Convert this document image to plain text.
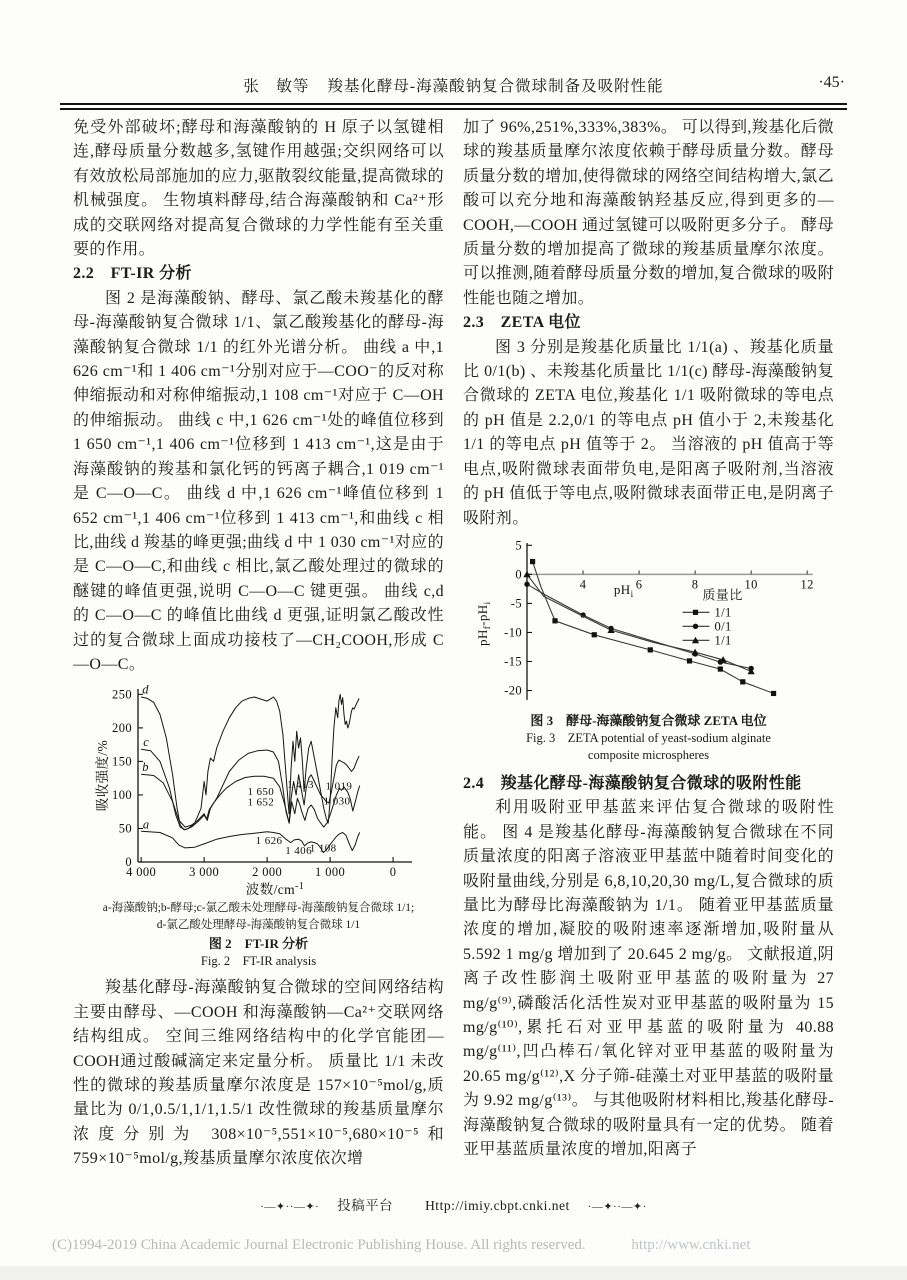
张　敏等 羧基化酵母-海藻酸钠复合微球制备及吸附性能	·45·

免受外部破坏;酵母和海藻酸钠的 H 原子以氢键相连,酵母质量分数越多,氢键作用越强;交织网络可以有效放松局部施加的应力,驱散裂纹能量,提高微球的机械强度。 生物填料酵母,结合海藻酸钠和 Ca²⁺形成的交联网络对提高复合微球的力学性能有至关重要的作用。

2.2　FT-IR 分析

图 2 是海藻酸钠、酵母、氯乙酸未羧基化的酵母-海藻酸钠复合微球 1/1、氯乙酸羧基化的酵母-海藻酸钠复合微球 1/1 的红外光谱分析。 曲线 a 中,1 626 cm⁻¹和 1 406 cm⁻¹分别对应于—COO⁻的反对称伸缩振动和对称伸缩振动,1 108 cm⁻¹对应于 C—OH 的伸缩振动。 曲线 c 中,1 626 cm⁻¹处的峰值位移到 1 650 cm⁻¹,1 406 cm⁻¹位移到 1 413 cm⁻¹,这是由于海藻酸钠的羧基和氯化钙的钙离子耦合,1 019 cm⁻¹是 C—O—C。 曲线 d 中,1 626 cm⁻¹峰值位移到 1 652 cm⁻¹,1 406 cm⁻¹位移到 1 413 cm⁻¹,和曲线 c 相比,曲线 d 羧基的峰更强;曲线 d 中 1 030 cm⁻¹对应的是 C—O—C,和曲线 c 相比,氯乙酸处理过的微球的醚键的峰值更强,说明 C—O—C 键更强。 曲线 c,d 的 C—O—C 的峰值比曲线 d 更强,证明氯乙酸改性过的复合微球上面成功接枝了—CH₂COOH,形成 C—O—C。

4 000	3 000	2 000	1 000	0
0
50
100
150
200
250
波数$/cm^{-1}$
吸收强度/%
a
b
c
d
1 650
1 652
1 413 1 019
1 030
1 626
1 406
1 108

a-海藻酸钠;b-酵母;c-氯乙酸未处理酵母-海藻酸钠复合微球 1/1;

d-氯乙酸处理酵母-海藻酸钠复合微球 1/1

图 2　FT-IR 分析

Fig. 2　FT-IR analysis

羧基化酵母-海藻酸钠复合微球的空间网络结构主要由酵母、—COOH 和海藻酸钠—Ca²⁺交联网络结构组成。 空间三维网络结构中的化学官能团—COOH通过酸碱滴定来定量分析。 质量比 1/1 未改性的微球的羧基质量摩尔浓度是 157×10⁻⁵mol/g,质量比为 0/1,0.5/1,1/1,1.5/1 改性微球的羧基质量摩尔浓度分别为 308×10⁻⁵,551×10⁻⁵,680×10⁻⁵和 759×10⁻⁵mol/g,羧基质量摩尔浓度依次增

加了 96%,251%,333%,383%。 可以得到,羧基化后微球的羧基质量摩尔浓度依赖于酵母质量分数。酵母质量分数的增加,使得微球的网络空间结构增大,氯乙酸可以充分地和海藻酸钠羟基反应,得到更多的—COOH,—COOH 通过氢键可以吸附更多分子。 酵母质量分数的增加提高了微球的羧基质量摩尔浓度。 可以推测,随着酵母质量分数的增加,复合微球的吸附性能也随之增加。

2.3　ZETA 电位

图 3 分别是羧基化质量比 1/1(a) 、羧基化质量比 0/1(b) 、未羧基化质量比 1/1(c) 酵母-海藻酸钠复合微球的 ZETA 电位,羧基化 1/1 吸附微球的等电点的 pH 值是 2.2,0/1 的等电点 pH 值小于 2,未羧基化 1/1 的等电点 pH 值等于 2。 当溶液的 pH 值高于等电点,吸附微球表面带负电,是阳离子吸附剂,当溶液的 pH 值低于等电点,吸附微球表面带正电,是阴离子吸附剂。

4	6	8	10	12
5
0
-5
-10
-15
-20
$pH_i$
$pH_f-pH_i$
质量比
1/1
0/1
1/1

图 3　酵母-海藻酸钠复合微球 ZETA 电位

Fig. 3　ZETA potential of yeast-sodium alginate

composite microspheres

2.4　羧基化酵母-海藻酸钠复合微球的吸附性能

利用吸附亚甲基蓝来评估复合微球的吸附性能。 图 4 是羧基化酵母-海藻酸钠复合微球在不同质量浓度的阳离子溶液亚甲基蓝中随着时间变化的吸附量曲线,分别是 6,8,10,20,30 mg/L,复合微球的质量比为酵母比海藻酸钠为 1/1。 随着亚甲基蓝质量浓度的增加,凝胶的吸附速率逐渐增加,吸附量从 5.592 1 mg/g 增加到了 20.645 2 mg/g。 文献报道,阴离子改性膨润土吸附亚甲基蓝的吸附量为 27 mg/g⁽⁹⁾,磷酸活化活性炭对亚甲基蓝的吸附量为 15 mg/g⁽¹⁰⁾,累托石对亚甲基蓝的吸附量为 40.88 mg/g⁽¹¹⁾,凹凸棒石/氧化锌对亚甲基蓝的吸附量为 20.65 mg/g⁽¹²⁾,X 分子筛-硅藻土对亚甲基蓝的吸附量为 9.92 mg/g⁽¹³⁾。 与其他吸附材料相比,羧基化酵母-海藻酸钠复合微球的吸附量具有一定的优势。 随着亚甲基蓝质量浓度的增加,阳离子

·—✦··—✦· 投稿平台 Http://imiy.cbpt.cnki.net ·—✦··—✦·
(C)1994-2019 China Academic Journal Electronic Publishing House. All rights reserved.	http://www.cnki.net
